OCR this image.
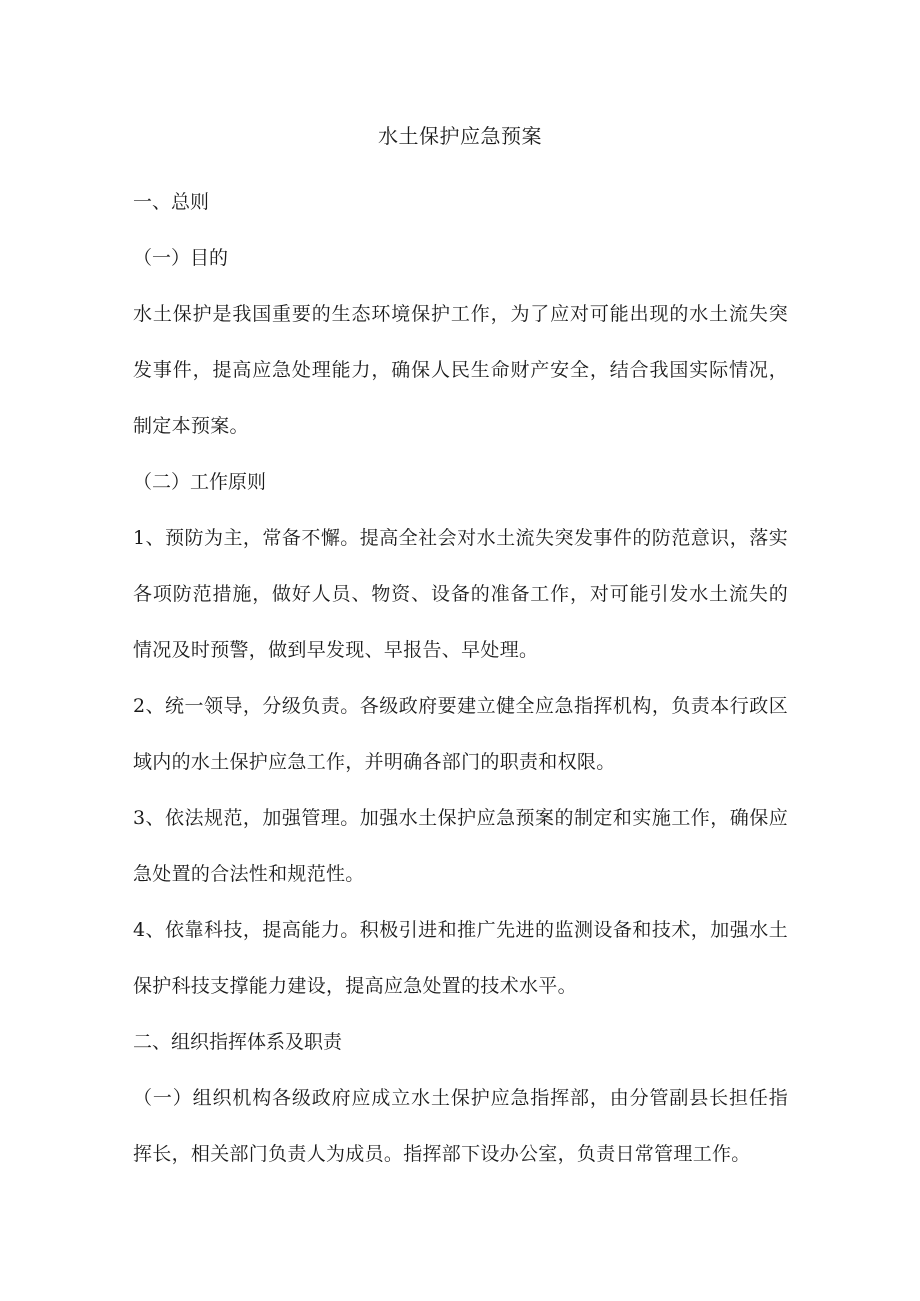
水土保护应急预案
一、总则
（一）目的
水土保护是我国重要的生态环境保护工作，为了应对可能出现的水土流失突发事件，提高应急处理能力，确保人民生命财产安全，结合我国实际情况，制定本预案。
（二）工作原则
1、预防为主，常备不懈。提高全社会对水土流失突发事件的防范意识，落实各项防范措施，做好人员、物资、设备的准备工作，对可能引发水土流失的情况及时预警，做到早发现、早报告、早处理。
2、统一领导，分级负责。各级政府要建立健全应急指挥机构，负责本行政区域内的水土保护应急工作，并明确各部门的职责和权限。
3、依法规范，加强管理。加强水土保护应急预案的制定和实施工作，确保应急处置的合法性和规范性。
4、依靠科技，提高能力。积极引进和推广先进的监测设备和技术，加强水土保护科技支撑能力建设，提高应急处置的技术水平。
二、组织指挥体系及职责
（一）组织机构各级政府应成立水土保护应急指挥部，由分管副县长担任指挥长，相关部门负责人为成员。指挥部下设办公室，负责日常管理工作。
